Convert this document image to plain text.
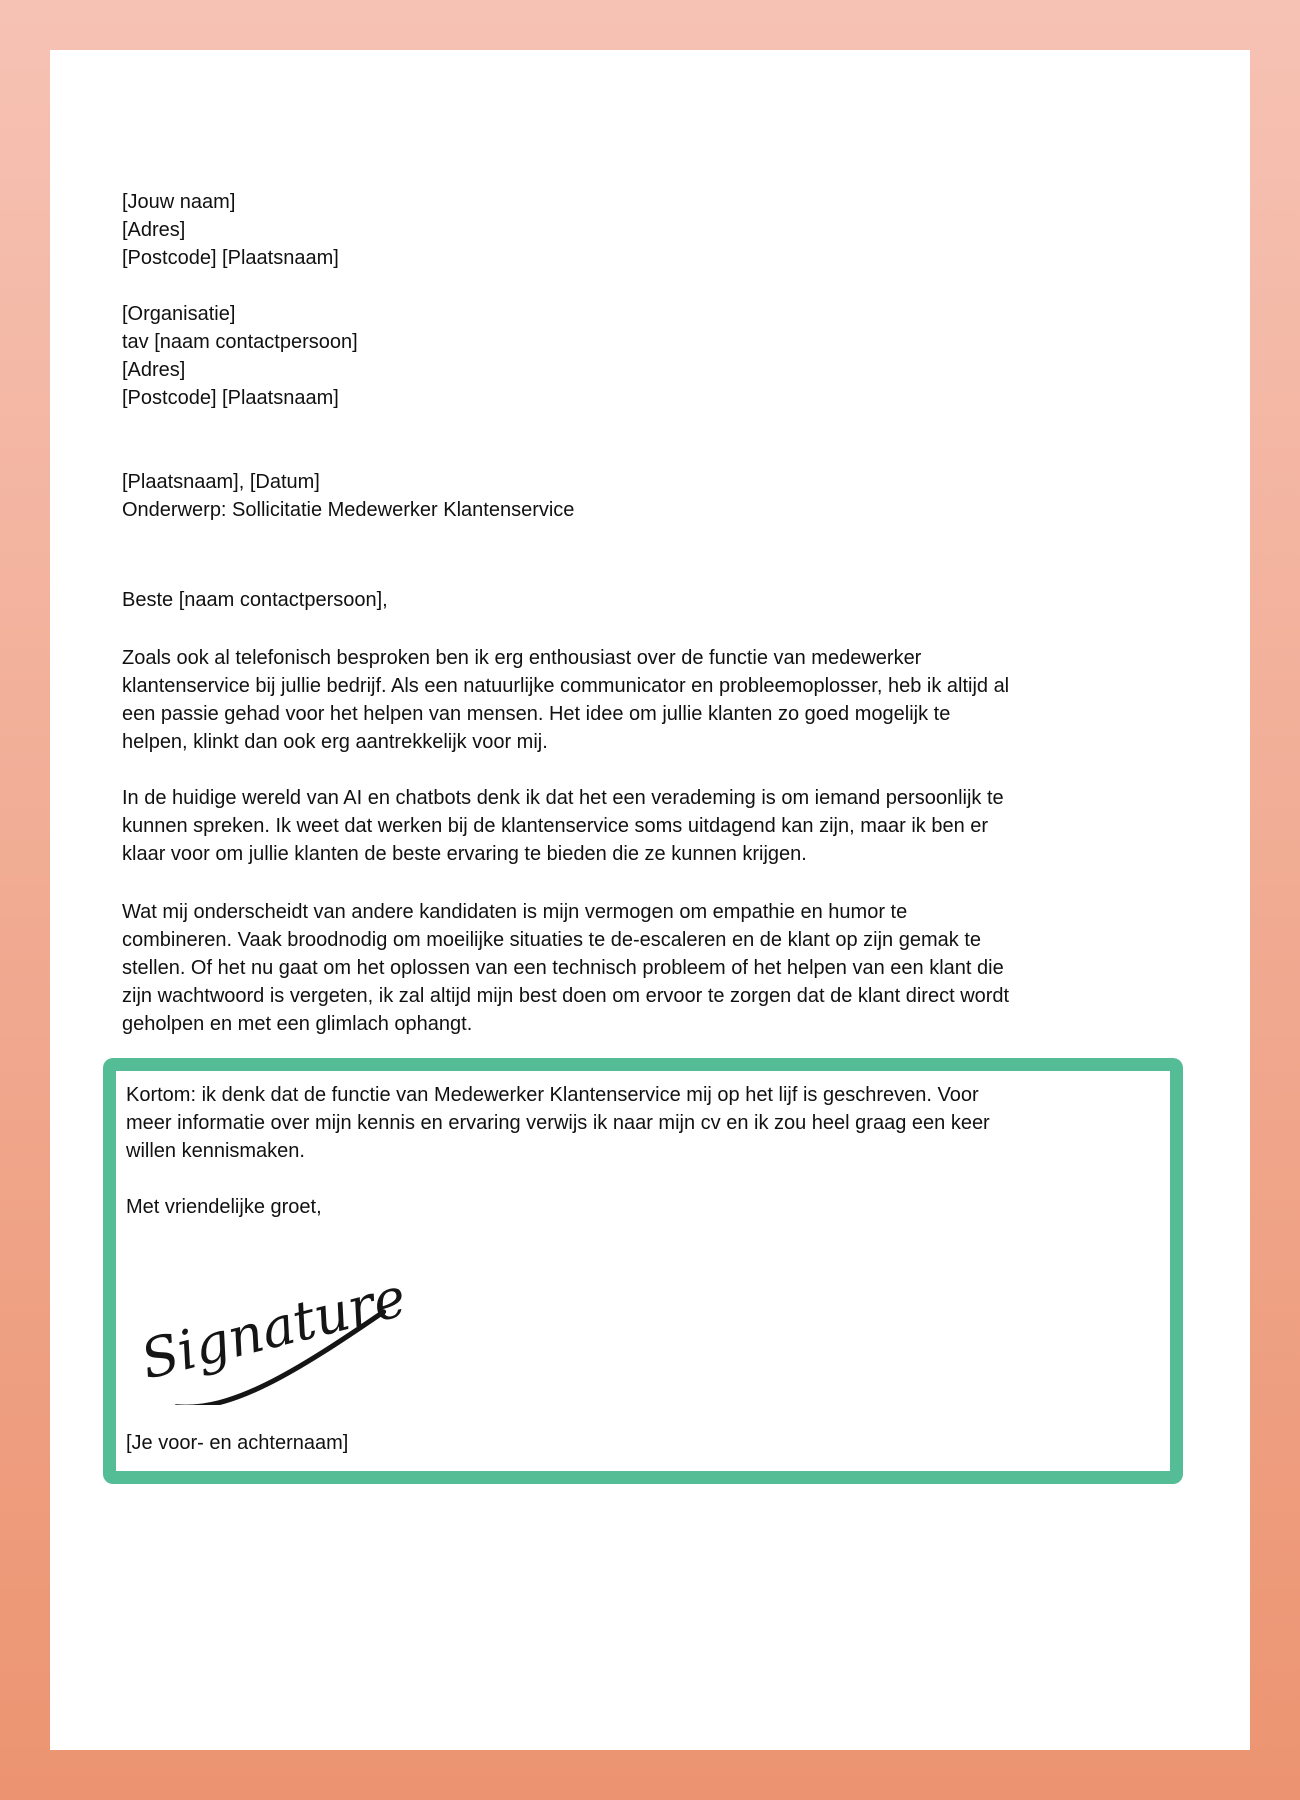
[Jouw naam]
[Adres]
[Postcode] [Plaatsnaam]
[Organisatie]
tav [naam contactpersoon]
[Adres]
[Postcode] [Plaatsnaam]
[Plaatsnaam], [Datum]
Onderwerp: Sollicitatie Medewerker Klantenservice
Beste [naam contactpersoon],

Zoals ook al telefonisch besproken ben ik erg enthousiast over de functie van medewerker klantenservice bij jullie bedrijf. Als een natuurlijke communicator en probleemoplosser, heb ik altijd al een passie gehad voor het helpen van mensen. Het idee om jullie klanten zo goed mogelijk te helpen, klinkt dan ook erg aantrekkelijk voor mij.

In de huidige wereld van AI en chatbots denk ik dat het een verademing is om iemand persoonlijk te kunnen spreken. Ik weet dat werken bij de klantenservice soms uitdagend kan zijn, maar ik ben er klaar voor om jullie klanten de beste ervaring te bieden die ze kunnen krijgen.

Wat mij onderscheidt van andere kandidaten is mijn vermogen om empathie en humor te combineren. Vaak broodnodig om moeilijke situaties te de-escaleren en de klant op zijn gemak te stellen. Of het nu gaat om het oplossen van een technisch probleem of het helpen van een klant die zijn wachtwoord is vergeten, ik zal altijd mijn best doen om ervoor te zorgen dat de klant direct wordt geholpen en met een glimlach ophangt.

Kortom: ik denk dat de functie van Medewerker Klantenservice mij op het lijf is geschreven. Voor meer informatie over mijn kennis en ervaring verwijs ik naar mijn cv en ik zou heel graag een keer willen kennismaken.

Met vriendelijke groet,
Signature
[Je voor- en achternaam]
